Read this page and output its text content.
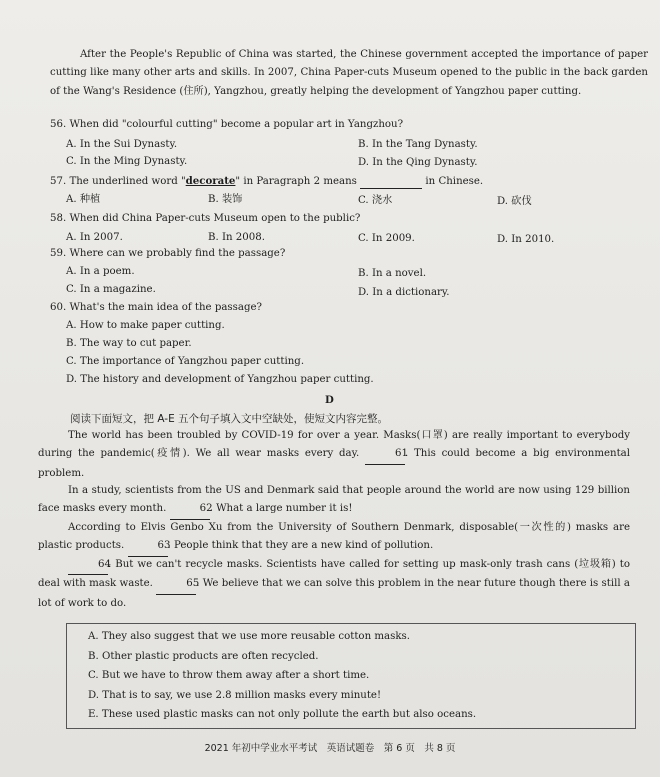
After the People's Republic of China was started, the Chinese government accepted the importance of paper cutting like many other arts and skills. In 2007, China Paper-cuts Museum opened to the public in the back garden of the Wang's Residence (住所), Yangzhou, greatly helping the development of Yangzhou paper cutting.
56. When did "colourful cutting" become a popular art in Yangzhou?
A. In the Sui Dynasty.	B. In the Tang Dynasty.
C. In the Ming Dynasty.	D. In the Qing Dynasty.
57. The underlined word "decorate" in Paragraph 2 means	in Chinese.
A. 种植	B. 装饰	C. 浇水	D. 砍伐
58. When did China Paper-cuts Museum open to the public?
A. In 2007.	B. In 2008.	C. In 2009.	D. In 2010.
59. Where can we probably find the passage?
A. In a poem.	B. In a novel.
C. In a magazine.	D. In a dictionary.
60. What's the main idea of the passage?
A. How to make paper cutting.
B. The way to cut paper.
C. The importance of Yangzhou paper cutting.
D. The history and development of Yangzhou paper cutting.
D
阅读下面短文，把 A-E 五个句子填入文中空缺处，使短文内容完整。
The world has been troubled by COVID-19 for over a year. Masks(口罩) are really important to everybody during the pandemic(疫情). We all wear masks every day.	61. This could become a big environmental problem.
In a study, scientists from the US and Denmark said that people around the world are now using 129 billion face masks every month.	62. What a large number it is!
According to Elvis Genbo Xu from the University of Southern Denmark, disposable(一次性的) masks are plastic products.	63. People think that they are a new kind of pollution.
64. But we can't recycle masks. Scientists have called for setting up mask-only trash cans (垃圾箱) to deal with mask waste.	65. We believe that we can solve this problem in the near future though there is still a lot of work to do.
A. They also suggest that we use more reusable cotton masks.
B. Other plastic products are often recycled.
C. But we have to throw them away after a short time.
D. That is to say, we use 2.8 million masks every minute!
E. These used plastic masks can not only pollute the earth but also oceans.
2021 年初中学业水平考试　英语试题卷　第 6 页　共 8 页
